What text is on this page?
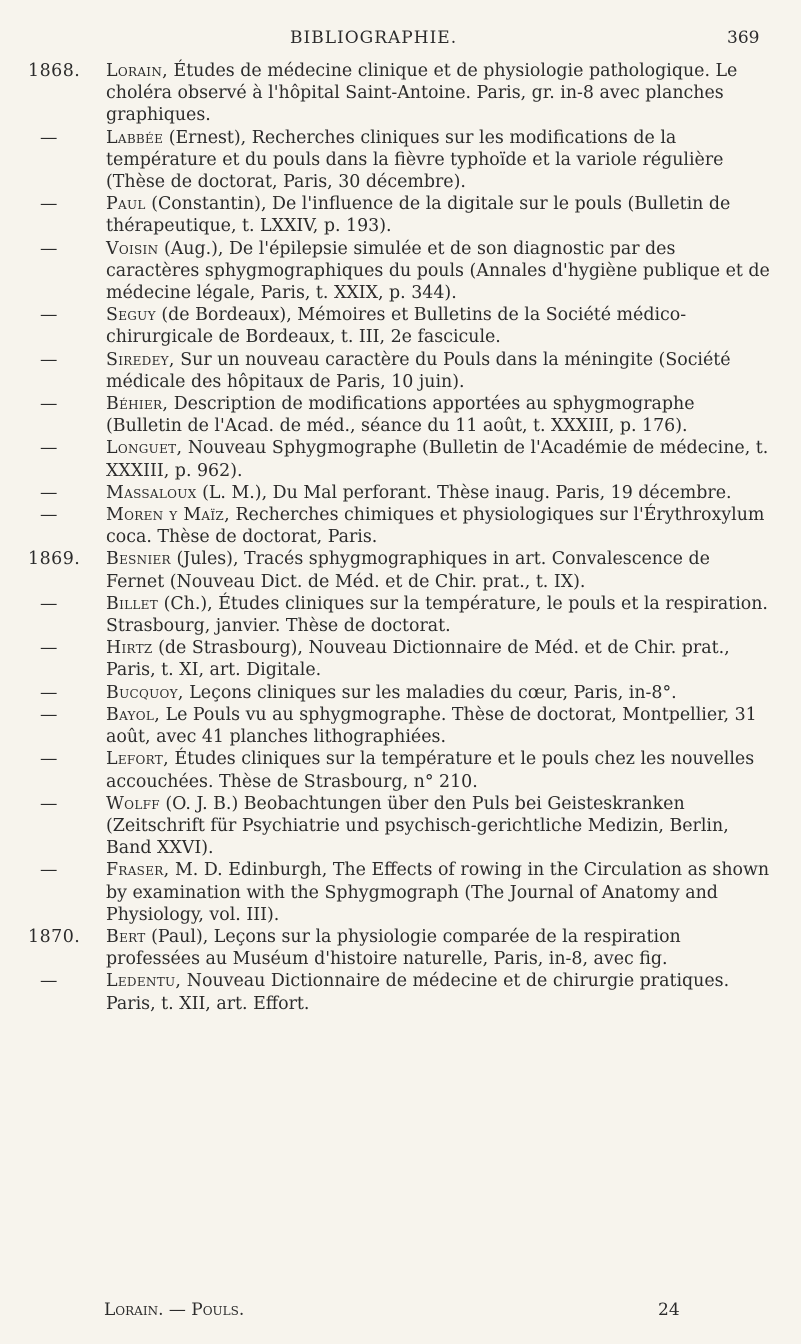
BIBLIOGRAPHIE.	369
1868.	Lorain, Études de médecine clinique et de physiologie pathologique. Le choléra observé à l'hôpital Saint-Antoine. Paris, gr. in-8 avec planches graphiques.
—	Labbée (Ernest), Recherches cliniques sur les modifications de la température et du pouls dans la fièvre typhoïde et la variole régulière (Thèse de doctorat, Paris, 30 décembre).
—	Paul (Constantin), De l'influence de la digitale sur le pouls (Bulletin de thérapeutique, t. LXXIV, p. 193).
—	Voisin (Aug.), De l'épilepsie simulée et de son diagnostic par des caractères sphygmographiques du pouls (Annales d'hygiène publique et de médecine légale, Paris, t. XXIX, p. 344).
—	Seguy (de Bordeaux), Mémoires et Bulletins de la Société médico-chirurgicale de Bordeaux, t. III, 2e fascicule.
—	Siredey, Sur un nouveau caractère du Pouls dans la méningite (Société médicale des hôpitaux de Paris, 10 juin).
—	Béhier, Description de modifications apportées au sphygmographe (Bulletin de l'Acad. de méd., séance du 11 août, t. XXXIII, p. 176).
—	Longuet, Nouveau Sphygmographe (Bulletin de l'Académie de médecine, t. XXXIII, p. 962).
—	Massaloux (L. M.), Du Mal perforant. Thèse inaug. Paris, 19 décembre.
—	Moren y Maïz, Recherches chimiques et physiologiques sur l'Érythroxylum coca. Thèse de doctorat, Paris.
1869.	Besnier (Jules), Tracés sphygmographiques in art. Convalescence de Fernet (Nouveau Dict. de Méd. et de Chir. prat., t. IX).
—	Billet (Ch.), Études cliniques sur la température, le pouls et la respiration. Strasbourg, janvier. Thèse de doctorat.
—	Hirtz (de Strasbourg), Nouveau Dictionnaire de Méd. et de Chir. prat., Paris, t. XI, art. Digitale.
—	Bucquoy, Leçons cliniques sur les maladies du cœur, Paris, in-8°.
—	Bayol, Le Pouls vu au sphygmographe. Thèse de doctorat, Montpellier, 31 août, avec 41 planches lithographiées.
—	Lefort, Études cliniques sur la température et le pouls chez les nouvelles accouchées. Thèse de Strasbourg, n° 210.
—	Wolff (O. J. B.) Beobachtungen über den Puls bei Geisteskranken (Zeitschrift für Psychiatrie und psychisch-gerichtliche Medizin, Berlin, Band XXVI).
—	Fraser, M. D. Edinburgh, The Effects of rowing in the Circulation as shown by examination with the Sphygmograph (The Journal of Anatomy and Physiology, vol. III).
1870.	Bert (Paul), Leçons sur la physiologie comparée de la respiration professées au Muséum d'histoire naturelle, Paris, in-8, avec fig.
—	Ledentu, Nouveau Dictionnaire de médecine et de chirurgie pratiques. Paris, t. XII, art. Effort.
Lorain. — Pouls.	24
